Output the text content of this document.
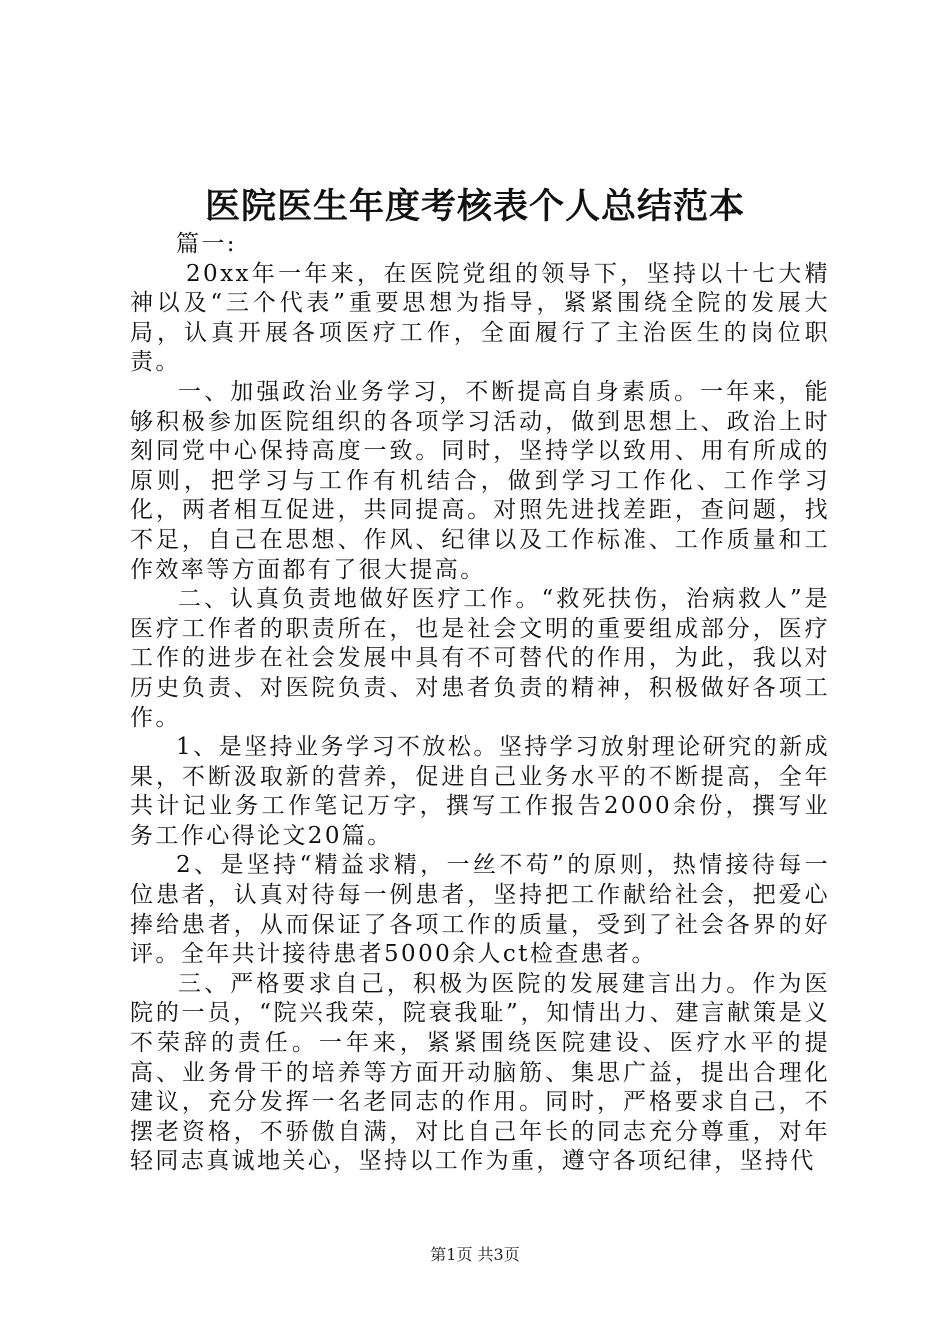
医院医生年度考核表个人总结范本

篇一:

20xx年一年来，在医院党组的领导下，坚持以十七大精神以及“三个代表”重要思想为指导，紧紧围绕全院的发展大局，认真开展各项医疗工作，全面履行了主治医生的岗位职责。

一、加强政治业务学习，不断提高自身素质。一年来，能够积极参加医院组织的各项学习活动，做到思想上、政治上时刻同党中心保持高度一致。同时，坚持学以致用、用有所成的原则，把学习与工作有机结合，做到学习工作化、工作学习化，两者相互促进，共同提高。对照先进找差距，查问题，找不足，自己在思想、作风、纪律以及工作标准、工作质量和工作效率等方面都有了很大提高。

二、认真负责地做好医疗工作。“救死扶伤，治病救人”是医疗工作者的职责所在，也是社会文明的重要组成部分，医疗工作的进步在社会发展中具有不可替代的作用，为此，我以对历史负责、对医院负责、对患者负责的精神，积极做好各项工作。

1、是坚持业务学习不放松。坚持学习放射理论研究的新成果，不断汲取新的营养，促进自己业务水平的不断提高，全年共计记业务工作笔记万字，撰写工作报告2000余份，撰写业务工作心得论文20篇。

2、是坚持“精益求精，一丝不苟”的原则，热情接待每一位患者，认真对待每一例患者，坚持把工作献给社会，把爱心捧给患者，从而保证了各项工作的质量，受到了社会各界的好评。全年共计接待患者5000余人ct检查患者。

三、严格要求自己，积极为医院的发展建言出力。作为医院的一员，“院兴我荣，院衰我耻”，知情出力、建言献策是义不荣辞的责任。一年来，紧紧围绕医院建设、医疗水平的提高、业务骨干的培养等方面开动脑筋、集思广益，提出合理化建议，充分发挥一名老同志的作用。同时，严格要求自己，不摆老资格，不骄傲自满，对比自己年长的同志充分尊重，对年轻同志真诚地关心，坚持以工作为重，遵守各项纪律，坚持代

第1页 共3页
